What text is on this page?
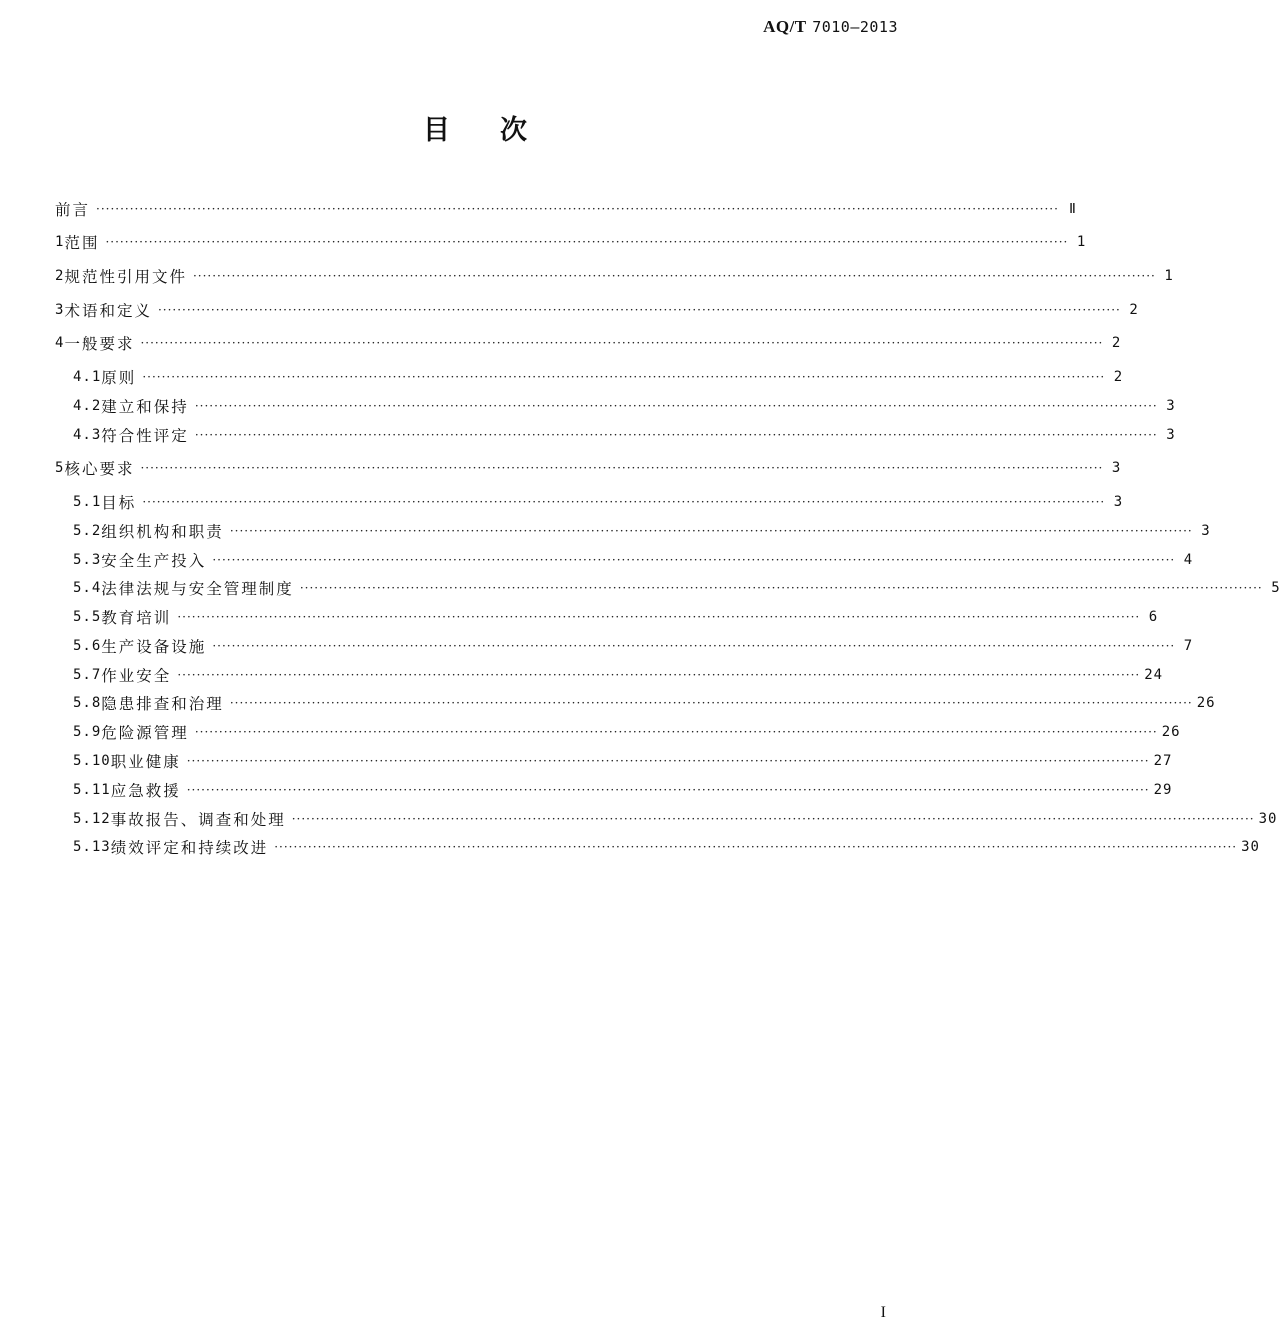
AQ/T 7010—2013
目次
前言 ········································································································································································································ Ⅱ
1 范围 ········································································································································································································ 1
2 规范性引用文件 ········································································································································································································ 1
3 术语和定义 ········································································································································································································ 2
4 一般要求 ········································································································································································································ 2
4.1 原则 ········································································································································································································ 2
4.2 建立和保持 ········································································································································································································ 3
4.3 符合性评定 ········································································································································································································ 3
5 核心要求 ········································································································································································································ 3
5.1 目标 ········································································································································································································ 3
5.2 组织机构和职责 ········································································································································································································ 3
5.3 安全生产投入 ········································································································································································································ 4
5.4 法律法规与安全管理制度 ········································································································································································································ 5
5.5 教育培训 ········································································································································································································ 6
5.6 生产设备设施 ········································································································································································································ 7
5.7 作业安全 ········································································································································································································ 24
5.8 隐患排查和治理 ········································································································································································································ 26
5.9 危险源管理 ········································································································································································································ 26
5.10 职业健康 ········································································································································································································ 27
5.11 应急救援 ········································································································································································································ 29
5.12 事故报告、调查和处理 ········································································································································································································ 30
5.13 绩效评定和持续改进 ········································································································································································································ 30
I
